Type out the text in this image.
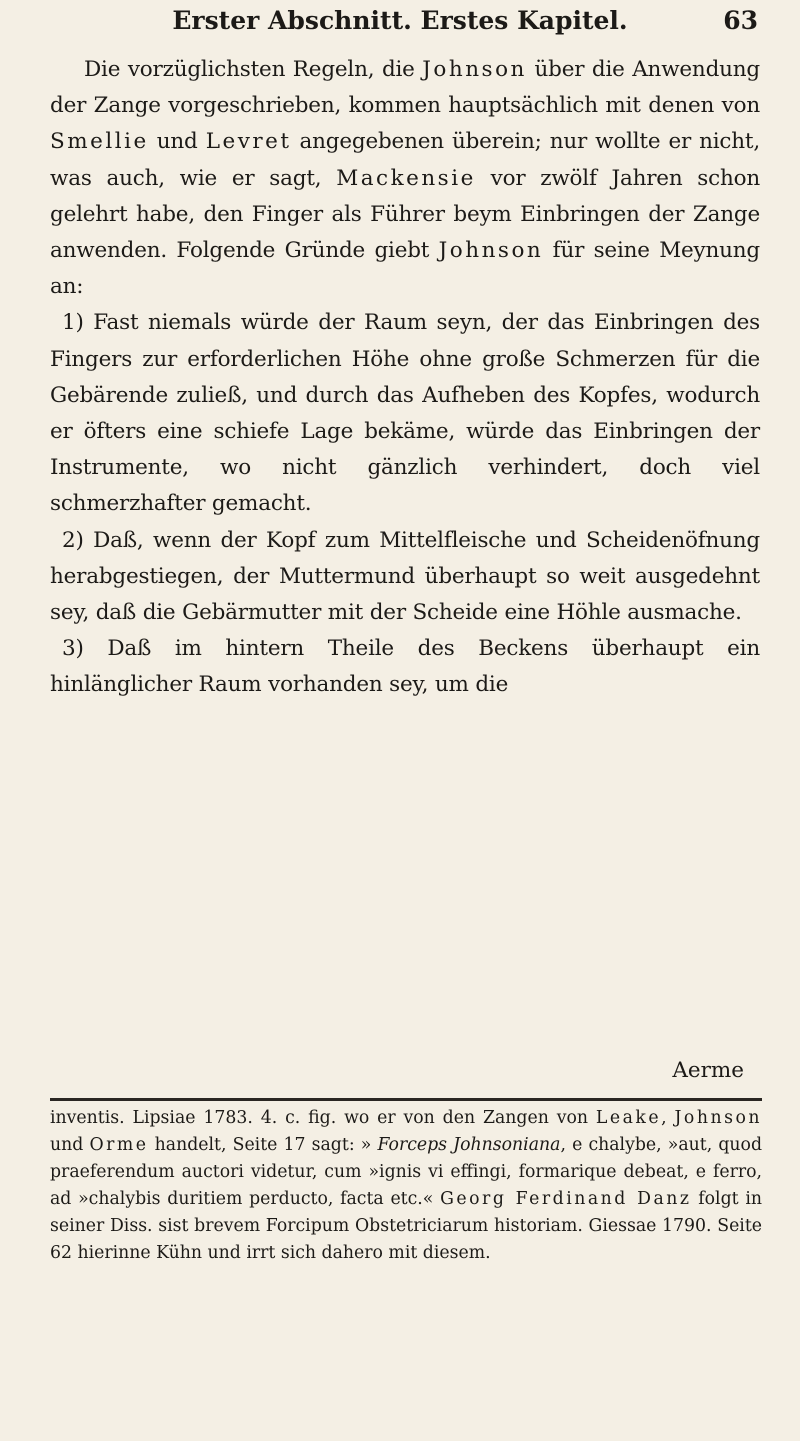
Erster Abschnitt. Erstes Kapitel.	63

Die vorzüglichsten Regeln, die Johnson über die Anwendung der Zange vorgeschrieben, kommen hauptsächlich mit denen von Smellie und Levret angegebenen überein; nur wollte er nicht, was auch, wie er sagt, Mackensie vor zwölf Jahren schon gelehrt habe, den Finger als Führer beym Einbringen der Zange anwenden. Folgende Gründe giebt Johnson für seine Meynung an:

1) Fast niemals würde der Raum seyn, der das Einbringen des Fingers zur erforderlichen Höhe ohne große Schmerzen für die Gebärende zuließ, und durch das Aufheben des Kopfes, wodurch er öfters eine schiefe Lage bekäme, würde das Einbringen der Instrumente, wo nicht gänzlich verhindert, doch viel schmerzhafter gemacht.

2) Daß, wenn der Kopf zum Mittelfleische und Scheidenöfnung herabgestiegen, der Muttermund überhaupt so weit ausgedehnt sey, daß die Gebärmutter mit der Scheide eine Höhle ausmache.

3) Daß im hintern Theile des Beckens überhaupt ein hinlänglicher Raum vorhanden sey, um die

Aerme

inventis. Lipsiae 1783. 4. c. fig. wo er von den Zangen von Leake, Johnson und Orme handelt, Seite 17 sagt: » Forceps Johnsoniana, e chalybe, »aut, quod praeferendum auctori videtur, cum »ignis vi effingi, formarique debeat, e ferro, ad »chalybis duritiem perducto, facta etc.« Georg Ferdinand Danz folgt in seiner Diss. sist brevem Forcipum Obstetriciarum historiam. Giessae 1790. Seite 62 hierinne Kühn und irrt sich dahero mit diesem.
